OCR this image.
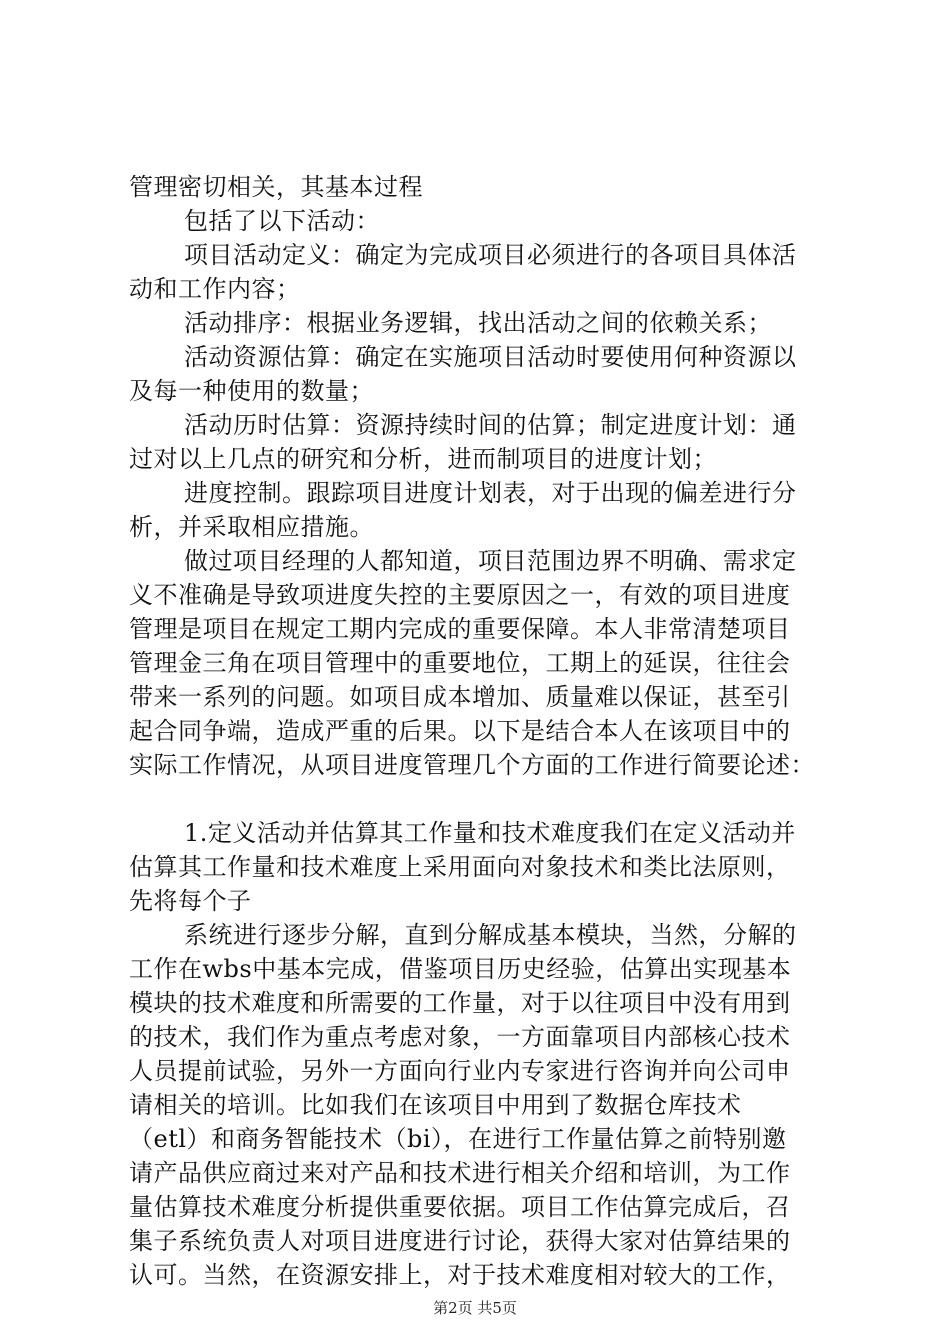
管理密切相关，其基本过程
包括了以下活动：
项目活动定义：确定为完成项目必须进行的各项目具体活
动和工作内容；
活动排序：根据业务逻辑，找出活动之间的依赖关系；
活动资源估算：确定在实施项目活动时要使用何种资源以
及每一种使用的数量；
活动历时估算：资源持续时间的估算；制定进度计划：通
过对以上几点的研究和分析，进而制项目的进度计划；
进度控制。跟踪项目进度计划表，对于出现的偏差进行分
析，并采取相应措施。
做过项目经理的人都知道，项目范围边界不明确、需求定
义不准确是导致项进度失控的主要原因之一，有效的项目进度
管理是项目在规定工期内完成的重要保障。本人非常清楚项目
管理金三角在项目管理中的重要地位，工期上的延误，往往会
带来一系列的问题。如项目成本增加、质量难以保证，甚至引
起合同争端，造成严重的后果。以下是结合本人在该项目中的
实际工作情况，从项目进度管理几个方面的工作进行简要论述：
1.定义活动并估算其工作量和技术难度我们在定义活动并
估算其工作量和技术难度上采用面向对象技术和类比法原则，
先将每个子
系统进行逐步分解，直到分解成基本模块，当然，分解的
工作在wbs中基本完成，借鉴项目历史经验，估算出实现基本
模块的技术难度和所需要的工作量，对于以往项目中没有用到
的技术，我们作为重点考虑对象，一方面靠项目内部核心技术
人员提前试验，另外一方面向行业内专家进行咨询并向公司申
请相关的培训。比如我们在该项目中用到了数据仓库技术
（etl）和商务智能技术（bi），在进行工作量估算之前特别邀
请产品供应商过来对产品和技术进行相关介绍和培训，为工作
量估算技术难度分析提供重要依据。项目工作估算完成后，召
集子系统负责人对项目进度进行讨论，获得大家对估算结果的
认可。当然，在资源安排上，对于技术难度相对较大的工作，
第2页 共5页
